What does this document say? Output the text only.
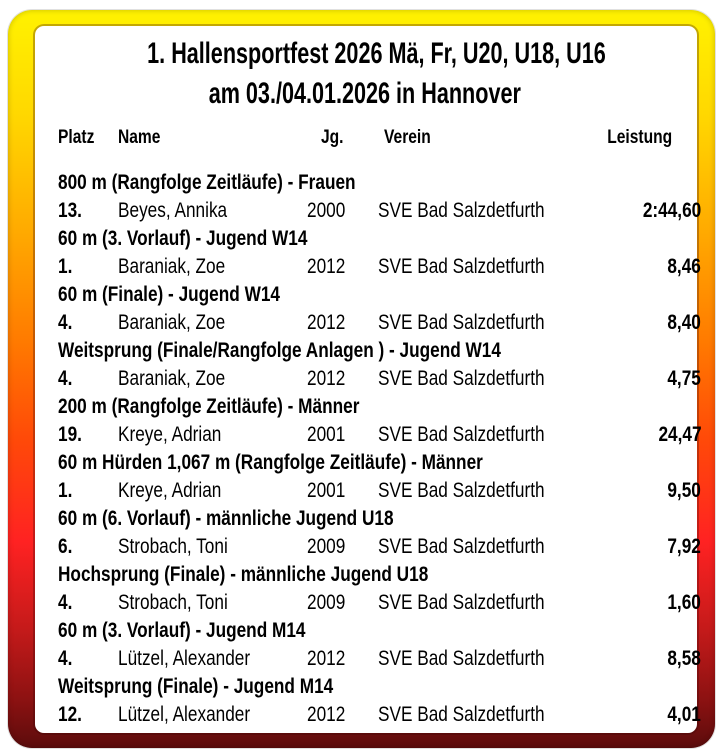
1. Hallensportfest 2026 Mä, Fr, U20, U18, U16
am 03./04.01.2026 in Hannover
Platz	Name	Jg.	Verein	Leistung
800 m (Rangfolge Zeitläufe) - Frauen
13.	Beyes, Annika	2000	SVE Bad Salzdetfurth	2:44,60
60 m (3. Vorlauf) - Jugend W14
1.	Baraniak, Zoe	2012	SVE Bad Salzdetfurth	8,46
60 m (Finale) - Jugend W14
4.	Baraniak, Zoe	2012	SVE Bad Salzdetfurth	8,40
Weitsprung (Finale/Rangfolge Anlagen ) - Jugend W14
4.	Baraniak, Zoe	2012	SVE Bad Salzdetfurth	4,75
200 m (Rangfolge Zeitläufe) - Männer
19.	Kreye, Adrian	2001	SVE Bad Salzdetfurth	24,47
60 m Hürden 1,067 m (Rangfolge Zeitläufe) - Männer
1.	Kreye, Adrian	2001	SVE Bad Salzdetfurth	9,50
60 m (6. Vorlauf) - männliche Jugend U18
6.	Strobach, Toni	2009	SVE Bad Salzdetfurth	7,92
Hochsprung (Finale) - männliche Jugend U18
4.	Strobach, Toni	2009	SVE Bad Salzdetfurth	1,60
60 m (3. Vorlauf) - Jugend M14
4.	Lützel, Alexander	2012	SVE Bad Salzdetfurth	8,58
Weitsprung (Finale) - Jugend M14
12.	Lützel, Alexander	2012	SVE Bad Salzdetfurth	4,01
